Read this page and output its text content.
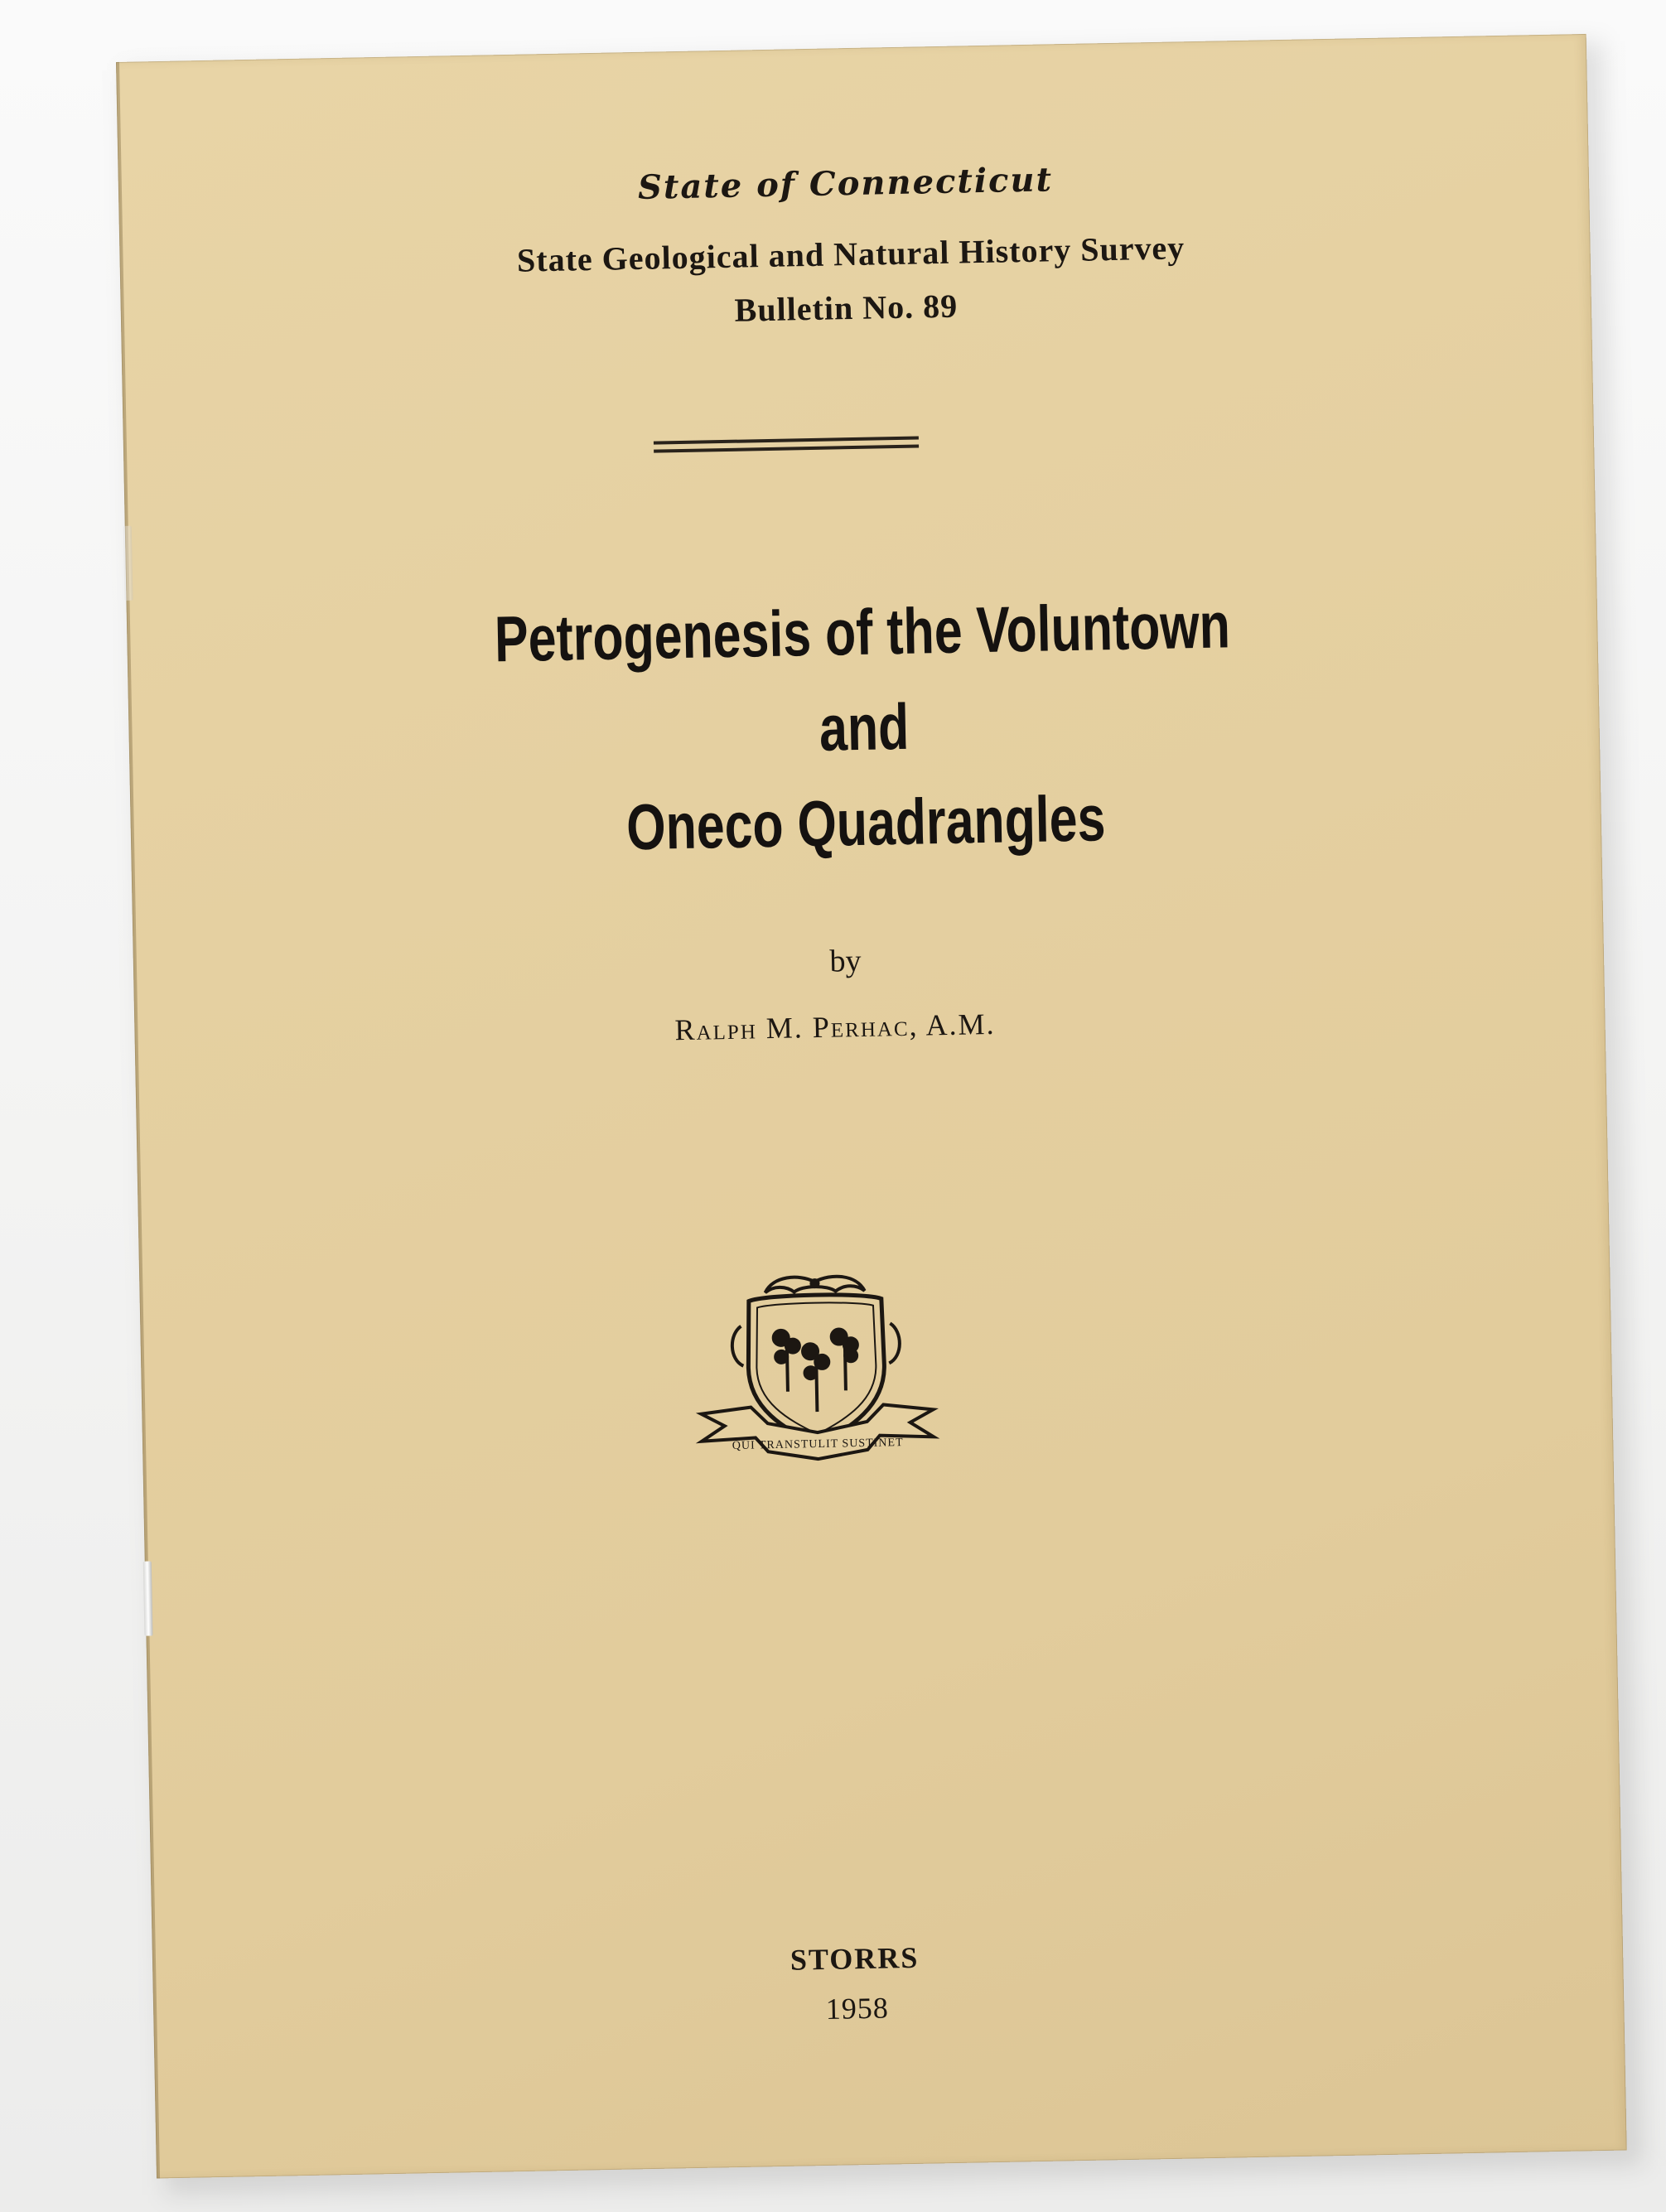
State of Connecticut
State Geological and Natural History Survey
Bulletin No. 89
Petrogenesis of the Voluntown
and
Oneco Quadrangles
by
Ralph M. Perhac, A.M.
QUI TRANSTULIT SUSTINET
STORRS
1958
